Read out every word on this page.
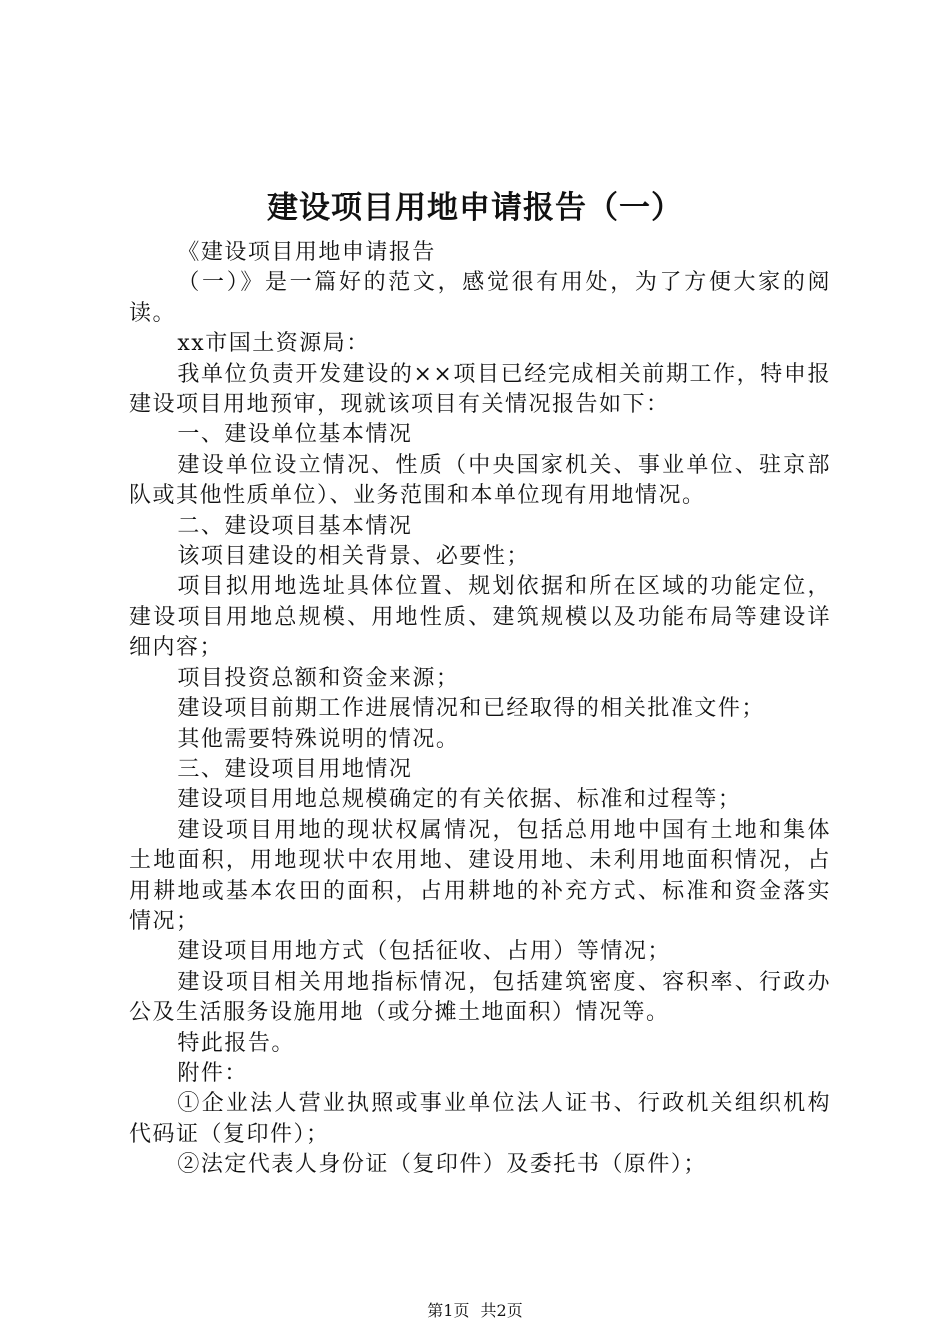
建设项目用地申请报告（一）

《建设项目用地申请报告

（一）》是一篇好的范文，感觉很有用处，为了方便大家的阅读。

xx市国土资源局：

我单位负责开发建设的××项目已经完成相关前期工作，特申报建设项目用地预审，现就该项目有关情况报告如下：

一、建设单位基本情况

建设单位设立情况、性质（中央国家机关、事业单位、驻京部队或其他性质单位）、业务范围和本单位现有用地情况。

二、建设项目基本情况

该项目建设的相关背景、必要性；

项目拟用地选址具体位置、规划依据和所在区域的功能定位，建设项目用地总规模、用地性质、建筑规模以及功能布局等建设详细内容；

项目投资总额和资金来源；

建设项目前期工作进展情况和已经取得的相关批准文件；

其他需要特殊说明的情况。

三、建设项目用地情况

建设项目用地总规模确定的有关依据、标准和过程等；

建设项目用地的现状权属情况，包括总用地中国有土地和集体土地面积，用地现状中农用地、建设用地、未利用地面积情况，占用耕地或基本农田的面积，占用耕地的补充方式、标准和资金落实情况；

建设项目用地方式（包括征收、占用）等情况；

建设项目相关用地指标情况，包括建筑密度、容积率、行政办公及生活服务设施用地（或分摊土地面积）情况等。

特此报告。

附件：

①企业法人营业执照或事业单位法人证书、行政机关组织机构代码证（复印件）；

②法定代表人身份证（复印件）及委托书（原件）；

第1页 共2页
